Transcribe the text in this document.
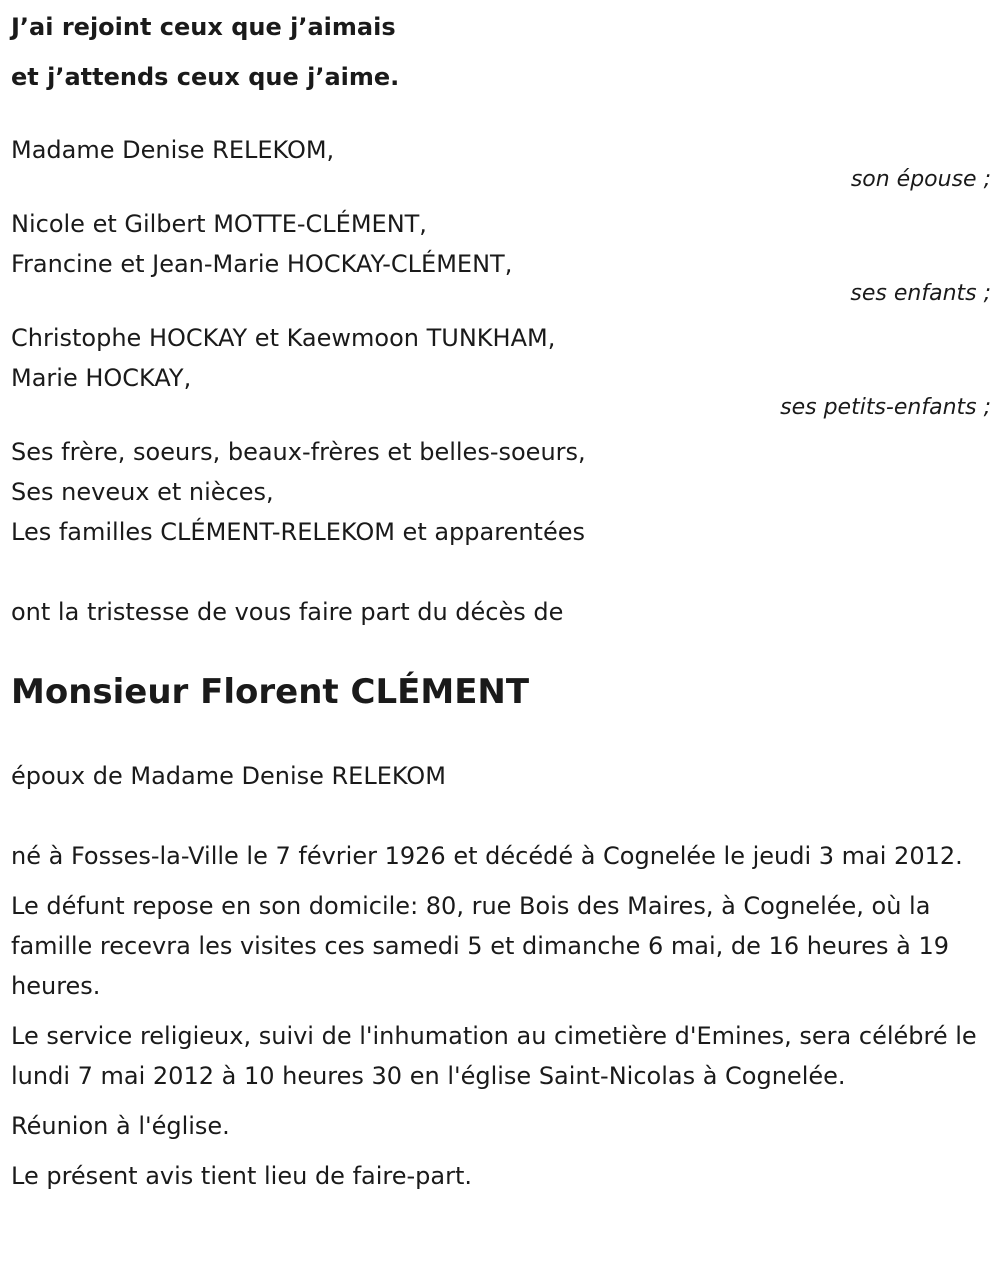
J’ai rejoint ceux que j’aimais
et j’attends ceux que j’aime.
Madame Denise RELEKOM,
son épouse ;
Nicole et Gilbert MOTTE-CLÉMENT,
Francine et Jean-Marie HOCKAY-CLÉMENT,
ses enfants ;
Christophe HOCKAY et Kaewmoon TUNKHAM,
Marie HOCKAY,
ses petits-enfants ;
Ses frère, soeurs, beaux-frères et belles-soeurs,
Ses neveux et nièces,
Les familles CLÉMENT-RELEKOM et apparentées
ont la tristesse de vous faire part du décès de
Monsieur Florent CLÉMENT
époux de Madame Denise RELEKOM
né à Fosses-la-Ville le 7 février 1926 et décédé à Cognelée le jeudi 3 mai 2012.
Le défunt repose en son domicile: 80, rue Bois des Maires, à Cognelée, où la famille recevra les visites ces samedi 5 et dimanche 6 mai, de 16 heures à 19 heures.
Le service religieux, suivi de l'inhumation au cimetière d'Emines, sera célébré le lundi 7 mai 2012 à 10 heures 30 en l'église Saint-Nicolas à Cognelée.
Réunion à l'église.
Le présent avis tient lieu de faire-part.
